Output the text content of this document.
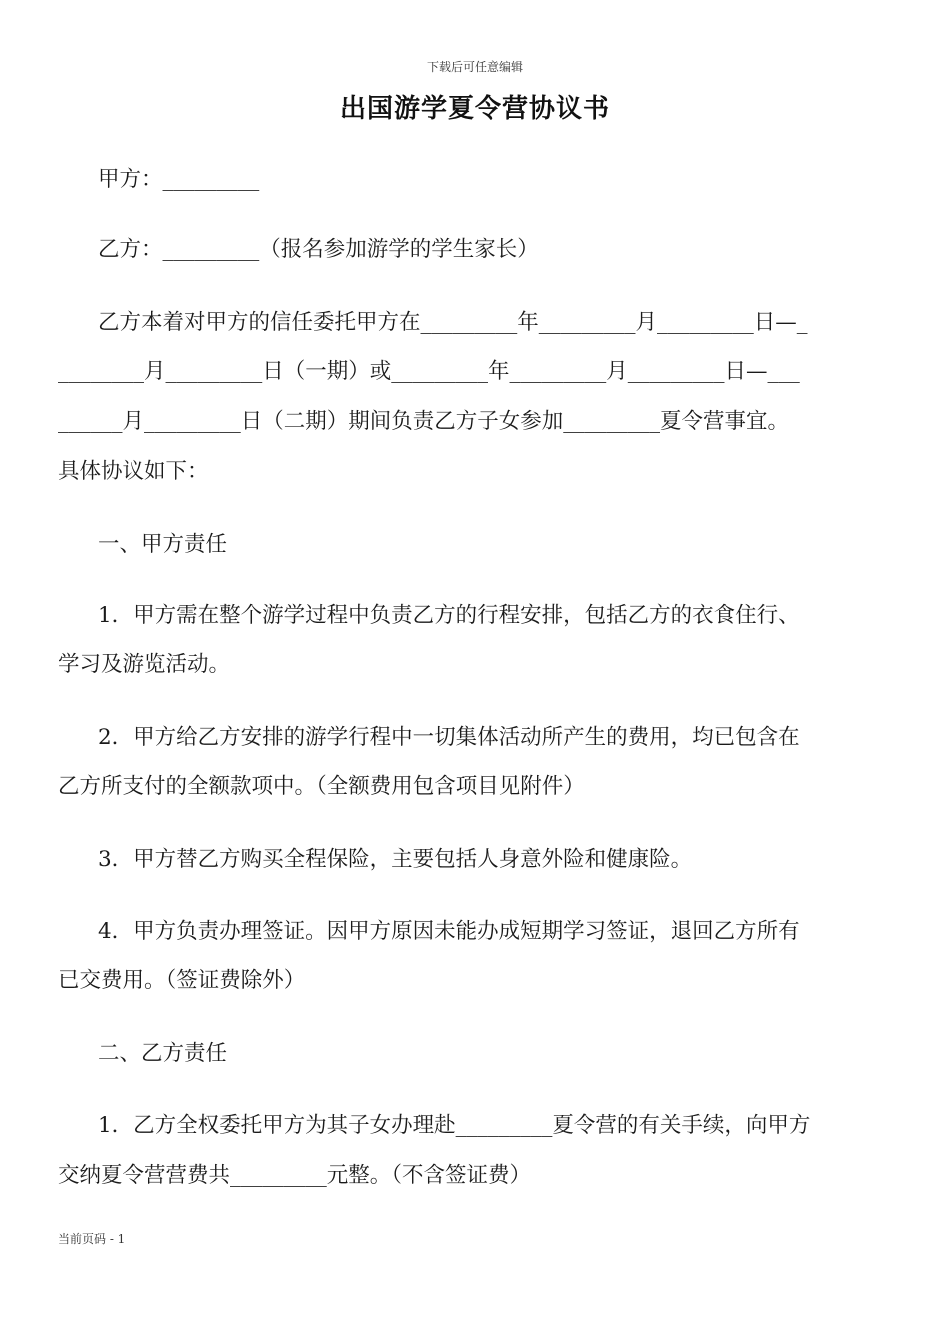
下载后可任意编辑
出国游学夏令营协议书
甲方：_________
乙方：_________（报名参加游学的学生家长）
乙方本着对甲方的信任委托甲方在_________年_________月_________日—_
________月_________日（一期）或_________年_________月_________日—___
______月_________日（二期）期间负责乙方子女参加_________夏令营事宜。
具体协议如下：
一、甲方责任
1．甲方需在整个游学过程中负责乙方的行程安排，包括乙方的衣食住行、
学习及游览活动。
2．甲方给乙方安排的游学行程中一切集体活动所产生的费用，均已包含在
乙方所支付的全额款项中。（全额费用包含项目见附件）
3．甲方替乙方购买全程保险，主要包括人身意外险和健康险。
4．甲方负责办理签证。因甲方原因未能办成短期学习签证，退回乙方所有
已交费用。（签证费除外）
二、乙方责任
1．乙方全权委托甲方为其子女办理赴_________夏令营的有关手续，向甲方
交纳夏令营营费共_________元整。（不含签证费）
当前页码 - 1
